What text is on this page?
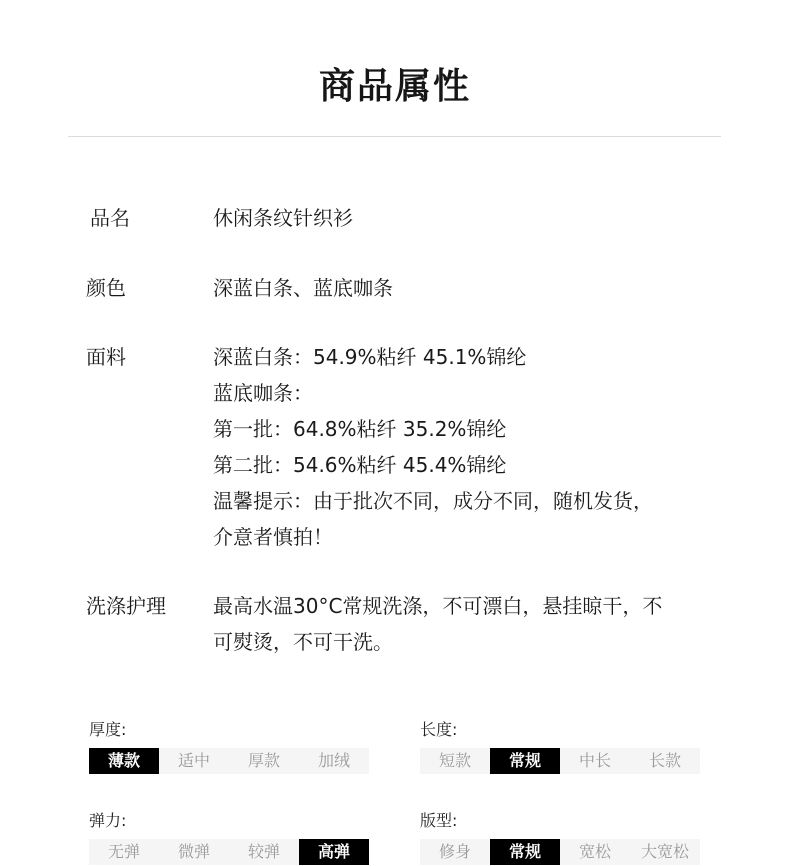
商品属性
品名	休闲条纹针织衫
颜色	深蓝白条、蓝底咖条
面料	深蓝白条：54.9%粘纤 45.1%锦纶
蓝底咖条：
第一批：64.8%粘纤 35.2%锦纶
第二批：54.6%粘纤 45.4%锦纶
温馨提示：由于批次不同，成分不同，随机发货，
介意者慎拍！
洗涤护理 最高水温30°C常规洗涤，不可漂白，悬挂晾干，不
可熨烫，不可干洗。
厚度:
薄款	适中	厚款	加绒
长度:
短款	常规	中长	长款
弹力:
无弹	微弹	较弹	高弹
版型:
修身	常规	宽松	大宽松
